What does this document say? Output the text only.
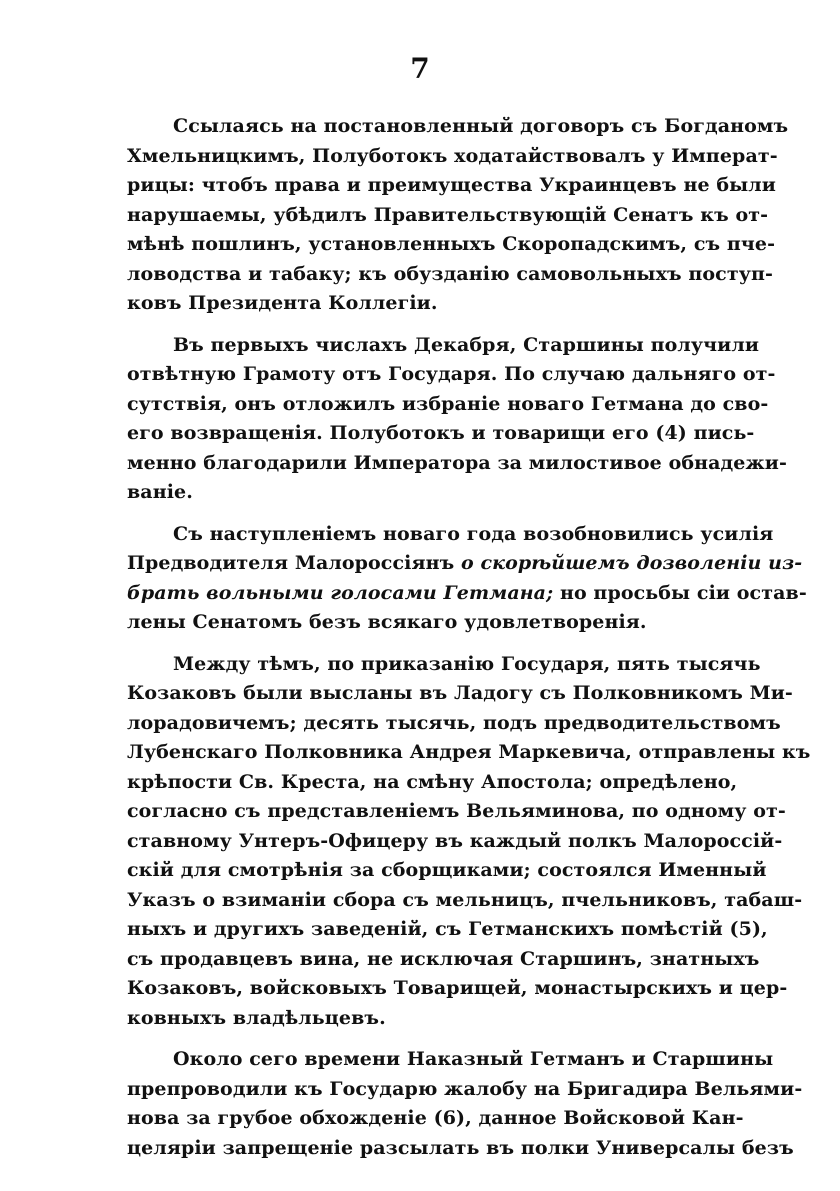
7
Ссылаясь на постановленный договоръ съ Богданомъ
Хмельницкимъ, Полуботокъ ходатайствовалъ у Императ-
рицы: чтобъ права и преимущества Украинцевъ не были
нарушаемы, убѣдилъ Правительствующій Сенатъ къ от-
мѣнѣ пошлинъ, установленныхъ Скоропадскимъ, съ пче-
ловодства и табаку; къ обузданію самовольныхъ поступ-
ковъ Президента Коллегіи.
Въ первыхъ числахъ Декабря, Старшины получили
отвѣтную Грамоту отъ Государя. По случаю дальняго от-
сутствія, онъ отложилъ избраніе новаго Гетмана до сво-
его возвращенія. Полуботокъ и товарищи его (4) пись-
менно благодарили Императора за милостивое обнадежи-
ваніе.
Съ наступленіемъ новаго года возобновились усилія
Предводителя Малороссіянъ о скорѣйшемъ дозволеніи из-
брать вольными голосами Гетмана; но просьбы сіи остав-
лены Сенатомъ безъ всякаго удовлетворенія.
Между тѣмъ, по приказанію Государя, пять тысячь
Козаковъ были высланы въ Ладогу съ Полковникомъ Ми-
лорадовичемъ; десять тысячь, подъ предводительствомъ
Лубенскаго Полковника Андрея Маркевича, отправлены къ
крѣпости Св. Креста, на смѣну Апостола; опредѣлено,
согласно съ представленіемъ Вельяминова, по одному от-
ставному Унтеръ-Офицеру въ каждый полкъ Малороссій-
скій для смотрѣнія за сборщиками; состоялся Именный
Указъ о взиманіи сбора съ мельницъ, пчельниковъ, табаш-
ныхъ и другихъ заведеній, съ Гетманскихъ помѣстій (5),
съ продавцевъ вина, не исключая Старшинъ, знатныхъ
Козаковъ, войсковыхъ Товарищей, монастырскихъ и цер-
ковныхъ владѣльцевъ.
Около сего времени Наказный Гетманъ и Старшины
препроводили къ Государю жалобу на Бригадира Вельями-
нова за грубое обхожденіе (6), данное Войсковой Кан-
целяріи запрещеніе разсылать въ полки Универсалы безъ
